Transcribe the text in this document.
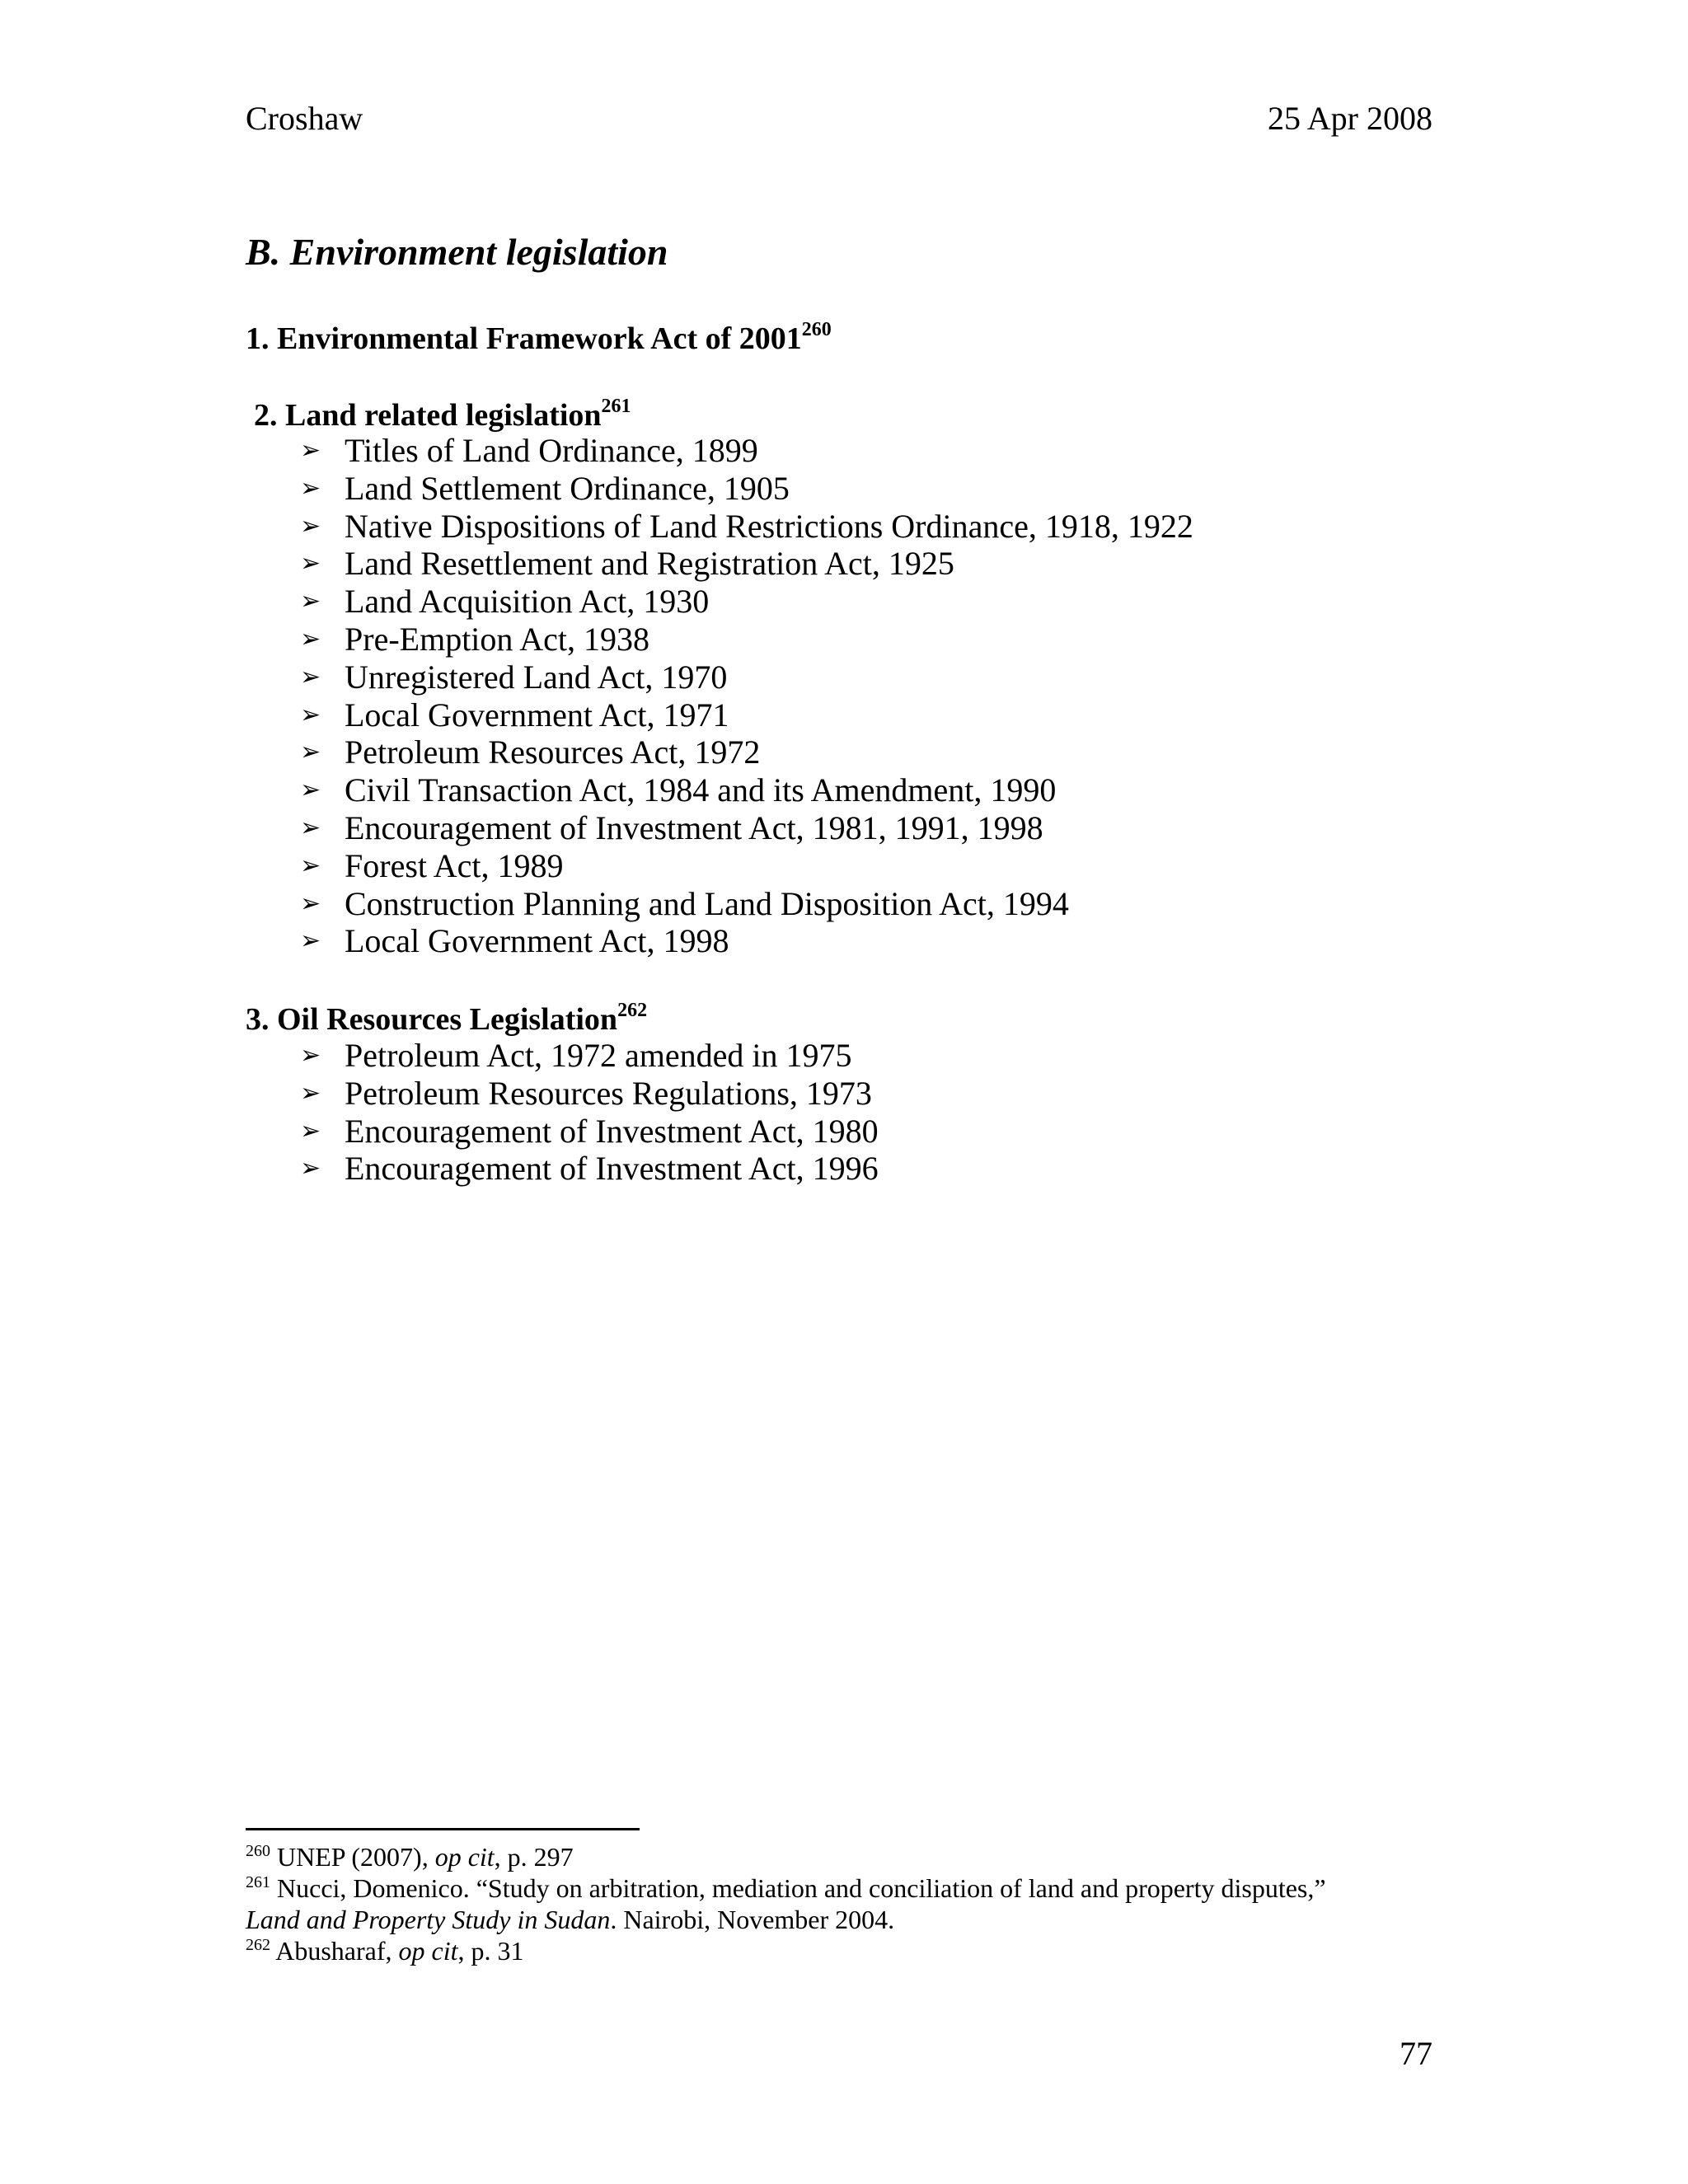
Croshaw	25 Apr 2008
B. Environment legislation
1. Environmental Framework Act of 2001$^{260}$
2. Land related legislation$^{261}$
➢ Titles of Land Ordinance, 1899
➢ Land Settlement Ordinance, 1905
➢ Native Dispositions of Land Restrictions Ordinance, 1918, 1922
➢ Land Resettlement and Registration Act, 1925
➢ Land Acquisition Act, 1930
➢ Pre-Emption Act, 1938
➢ Unregistered Land Act, 1970
➢ Local Government Act, 1971
➢ Petroleum Resources Act, 1972
➢ Civil Transaction Act, 1984 and its Amendment, 1990
➢ Encouragement of Investment Act, 1981, 1991, 1998
➢ Forest Act, 1989
➢ Construction Planning and Land Disposition Act, 1994
➢ Local Government Act, 1998
3. Oil Resources Legislation$^{262}$
➢ Petroleum Act, 1972 amended in 1975
➢ Petroleum Resources Regulations, 1973
➢ Encouragement of Investment Act, 1980
➢ Encouragement of Investment Act, 1996

$^{260}$ UNEP (2007), op cit, p. 297

$^{261}$ Nucci, Domenico. “Study on arbitration, mediation and conciliation of land and property disputes,”
Land and Property Study in Sudan. Nairobi, November 2004.

$^{262}$ Abusharaf, op cit, p. 31

77
